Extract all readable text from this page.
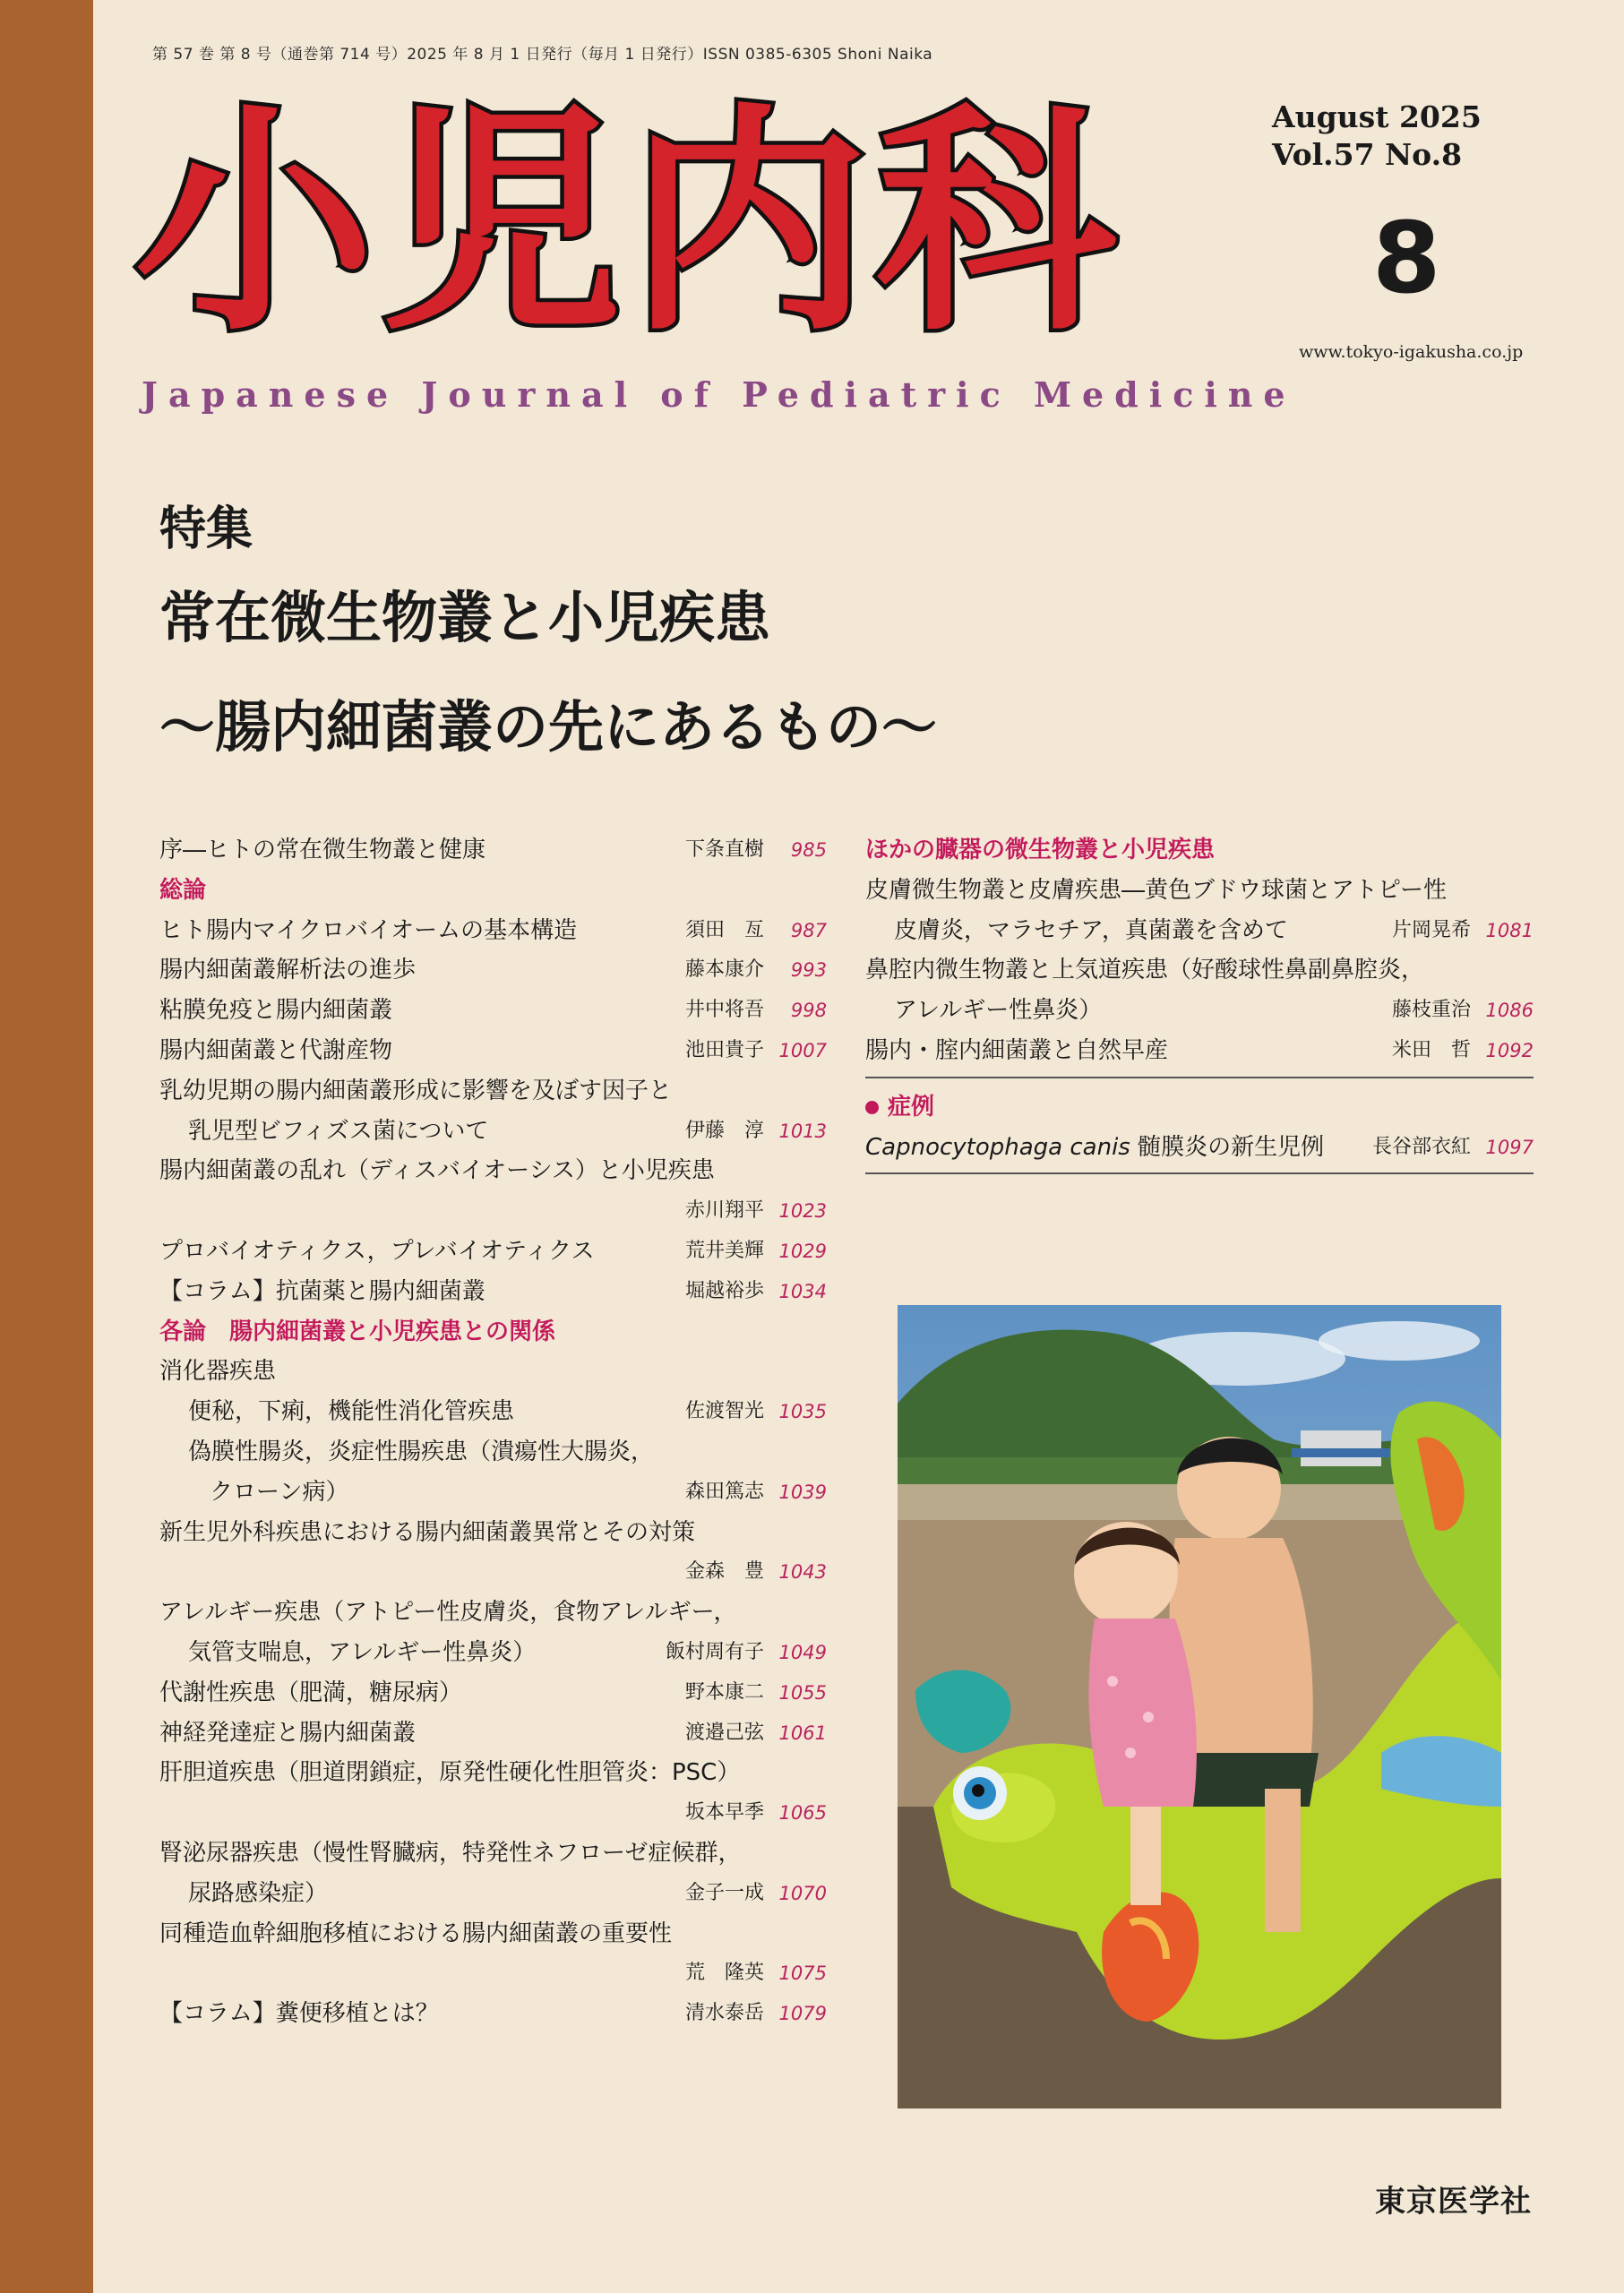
第 57 巻 第 8 号（通巻第 714 号）2025 年 8 月 1 日発行（毎月 1 日発行）ISSN 0385-6305 Shoni Naika
小児内科
Japanese Journal of Pediatric Medicine
August 2025
Vol.57 No.8
8
www.tokyo-igakusha.co.jp
特集
常在微生物叢と小児疾患
〜腸内細菌叢の先にあるもの〜
序―ヒトの常在微生物叢と健康	下条直樹 985
総論
ヒト腸内マイクロバイオームの基本構造	須田　亙 987
腸内細菌叢解析法の進歩	藤本康介 993
粘膜免疫と腸内細菌叢	井中将吾 998
腸内細菌叢と代謝産物	池田貴子 1007
乳幼児期の腸内細菌叢形成に影響を及ぼす因子と
乳児型ビフィズス菌について	伊藤　淳 1013
腸内細菌叢の乱れ（ディスバイオーシス）と小児疾患
赤川翔平 1023
プロバイオティクス，プレバイオティクス	荒井美輝 1029
【コラム】抗菌薬と腸内細菌叢	堀越裕歩 1034
各論　腸内細菌叢と小児疾患との関係
消化器疾患
便秘，下痢，機能性消化管疾患	佐渡智光 1035
偽膜性腸炎，炎症性腸疾患（潰瘍性大腸炎，
クローン病）	森田篤志 1039
新生児外科疾患における腸内細菌叢異常とその対策
金森　豊 1043
アレルギー疾患（アトピー性皮膚炎，食物アレルギー，
気管支喘息，アレルギー性鼻炎）	飯村周有子 1049
代謝性疾患（肥満，糖尿病）	野本康二 1055
神経発達症と腸内細菌叢	渡邉己弦 1061
肝胆道疾患（胆道閉鎖症，原発性硬化性胆管炎：PSC）
坂本早季 1065
腎泌尿器疾患（慢性腎臓病，特発性ネフローゼ症候群，
尿路感染症）	金子一成 1070
同種造血幹細胞移植における腸内細菌叢の重要性
荒　隆英 1075
【コラム】糞便移植とは？	清水泰岳 1079
ほかの臓器の微生物叢と小児疾患
皮膚微生物叢と皮膚疾患―黄色ブドウ球菌とアトピー性
皮膚炎，マラセチア，真菌叢を含めて	片岡晃希 1081
鼻腔内微生物叢と上気道疾患（好酸球性鼻副鼻腔炎，
アレルギー性鼻炎）	藤枝重治 1086
腸内・腟内細菌叢と自然早産	米田　哲 1092
症例
Capnocytophaga canis 髄膜炎の新生児例 長谷部衣紅 1097
東京医学社
